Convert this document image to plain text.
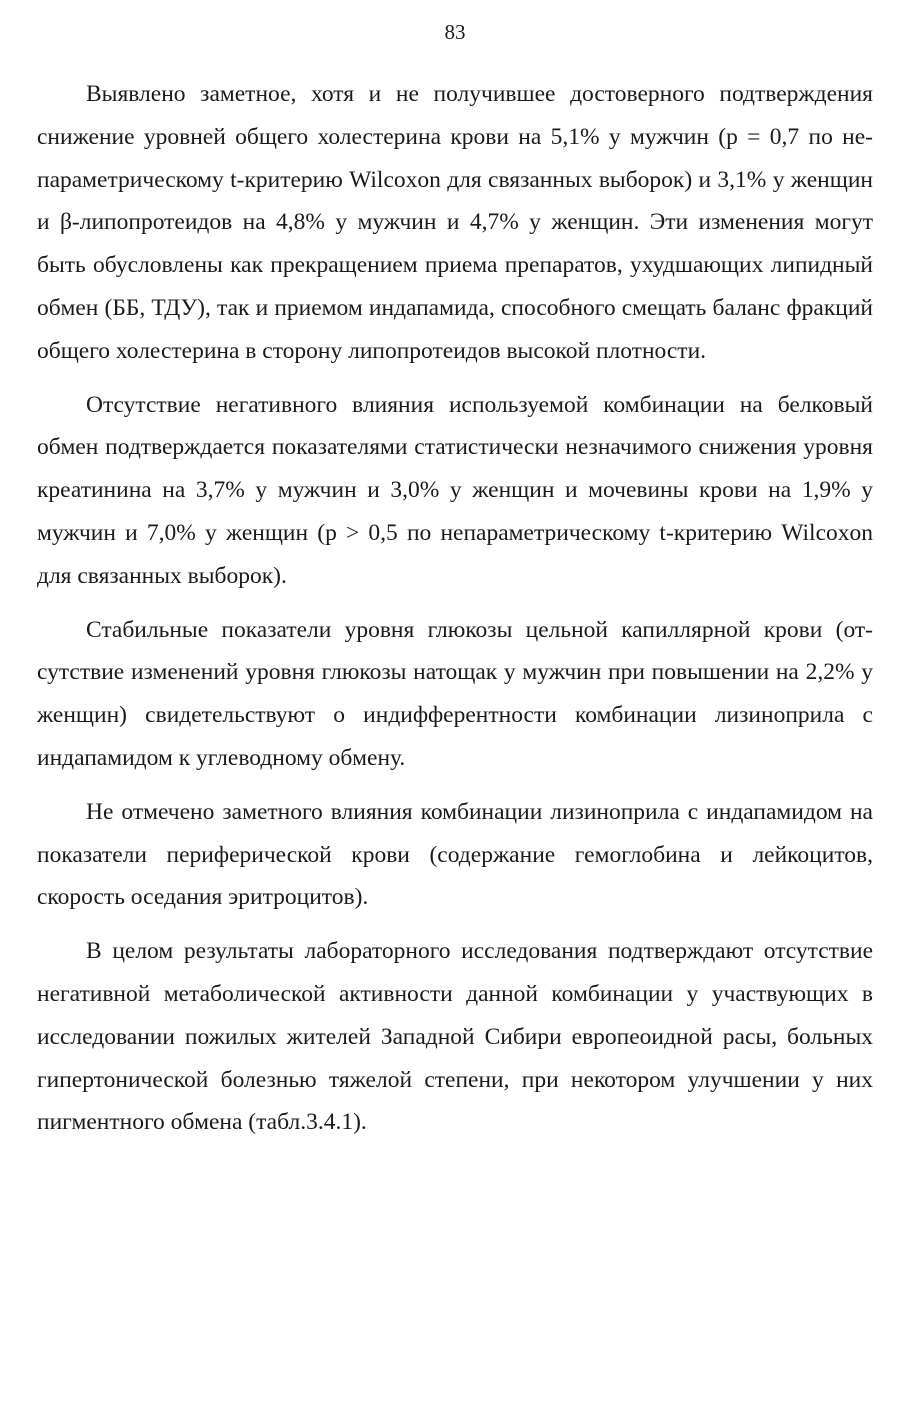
83

Выявлено заметное, хотя и не получившее достоверного подтверждения снижение уровней общего холестерина крови на 5,1% у мужчин (р = 0,7 по непараметрическому t-критерию Wilcoxon для связанных выборок) и 3,1% у женщин и β-липопротеидов на 4,8% у мужчин и 4,7% у женщин. Эти изменения могут быть обусловлены как прекращением приема препаратов, ухудшающих липидный обмен (ББ, ТДУ), так и приемом индапамида, способного смещать баланс фракций общего холестерина в сторону липопротеидов высокой плотности.

Отсутствие негативного влияния используемой комбинации на белковый обмен подтверждается показателями статистически незначимого снижения уровня креатинина на 3,7% у мужчин и 3,0% у женщин и мочевины крови на 1,9% у мужчин и 7,0% у женщин (р > 0,5 по непараметрическому t-критерию Wilcoxon для связанных выборок).

Стабильные показатели уровня глюкозы цельной капиллярной крови (отсутствие изменений уровня глюкозы натощак у мужчин при повышении на 2,2% у женщин) свидетельствуют о индифферентности комбинации лизиноприла с индапамидом к углеводному обмену.

Не отмечено заметного влияния комбинации лизиноприла с индапамидом на показатели периферической крови (содержание гемоглобина и лейкоцитов, скорость оседания эритроцитов).

В целом результаты лабораторного исследования подтверждают отсутствие негативной метаболической активности данной комбинации у участвующих в исследовании пожилых жителей Западной Сибири европеоидной расы, больных гипертонической болезнью тяжелой степени, при некотором улучшении у них пигментного обмена (табл.3.4.1).
